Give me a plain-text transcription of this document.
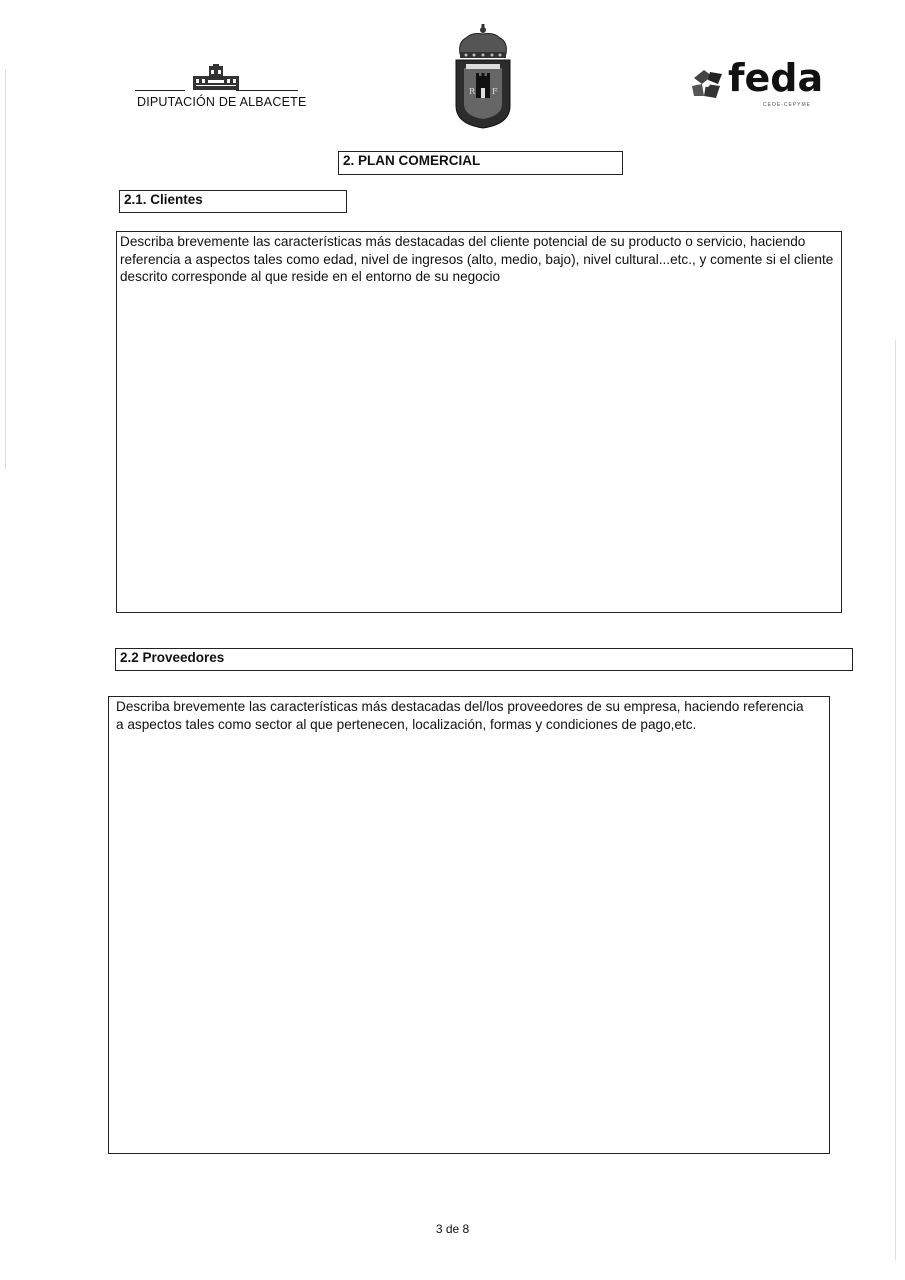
DIPUTACIÓN DE ALBACETE
R F	feda
CEOE-CEPYME
2. PLAN COMERCIAL
2.1. Clientes
Describa brevemente las características más destacadas del cliente potencial de su producto o servicio, haciendo referencia a aspectos tales como edad, nivel de ingresos (alto, medio, bajo), nivel cultural...etc., y comente si el cliente descrito corresponde al que reside en el entorno de su negocio
2.2 Proveedores
Describa brevemente las características más destacadas del/los proveedores de su empresa, haciendo referencia a aspectos tales como sector al que pertenecen, localización, formas y condiciones de pago,etc.
3 de 8
